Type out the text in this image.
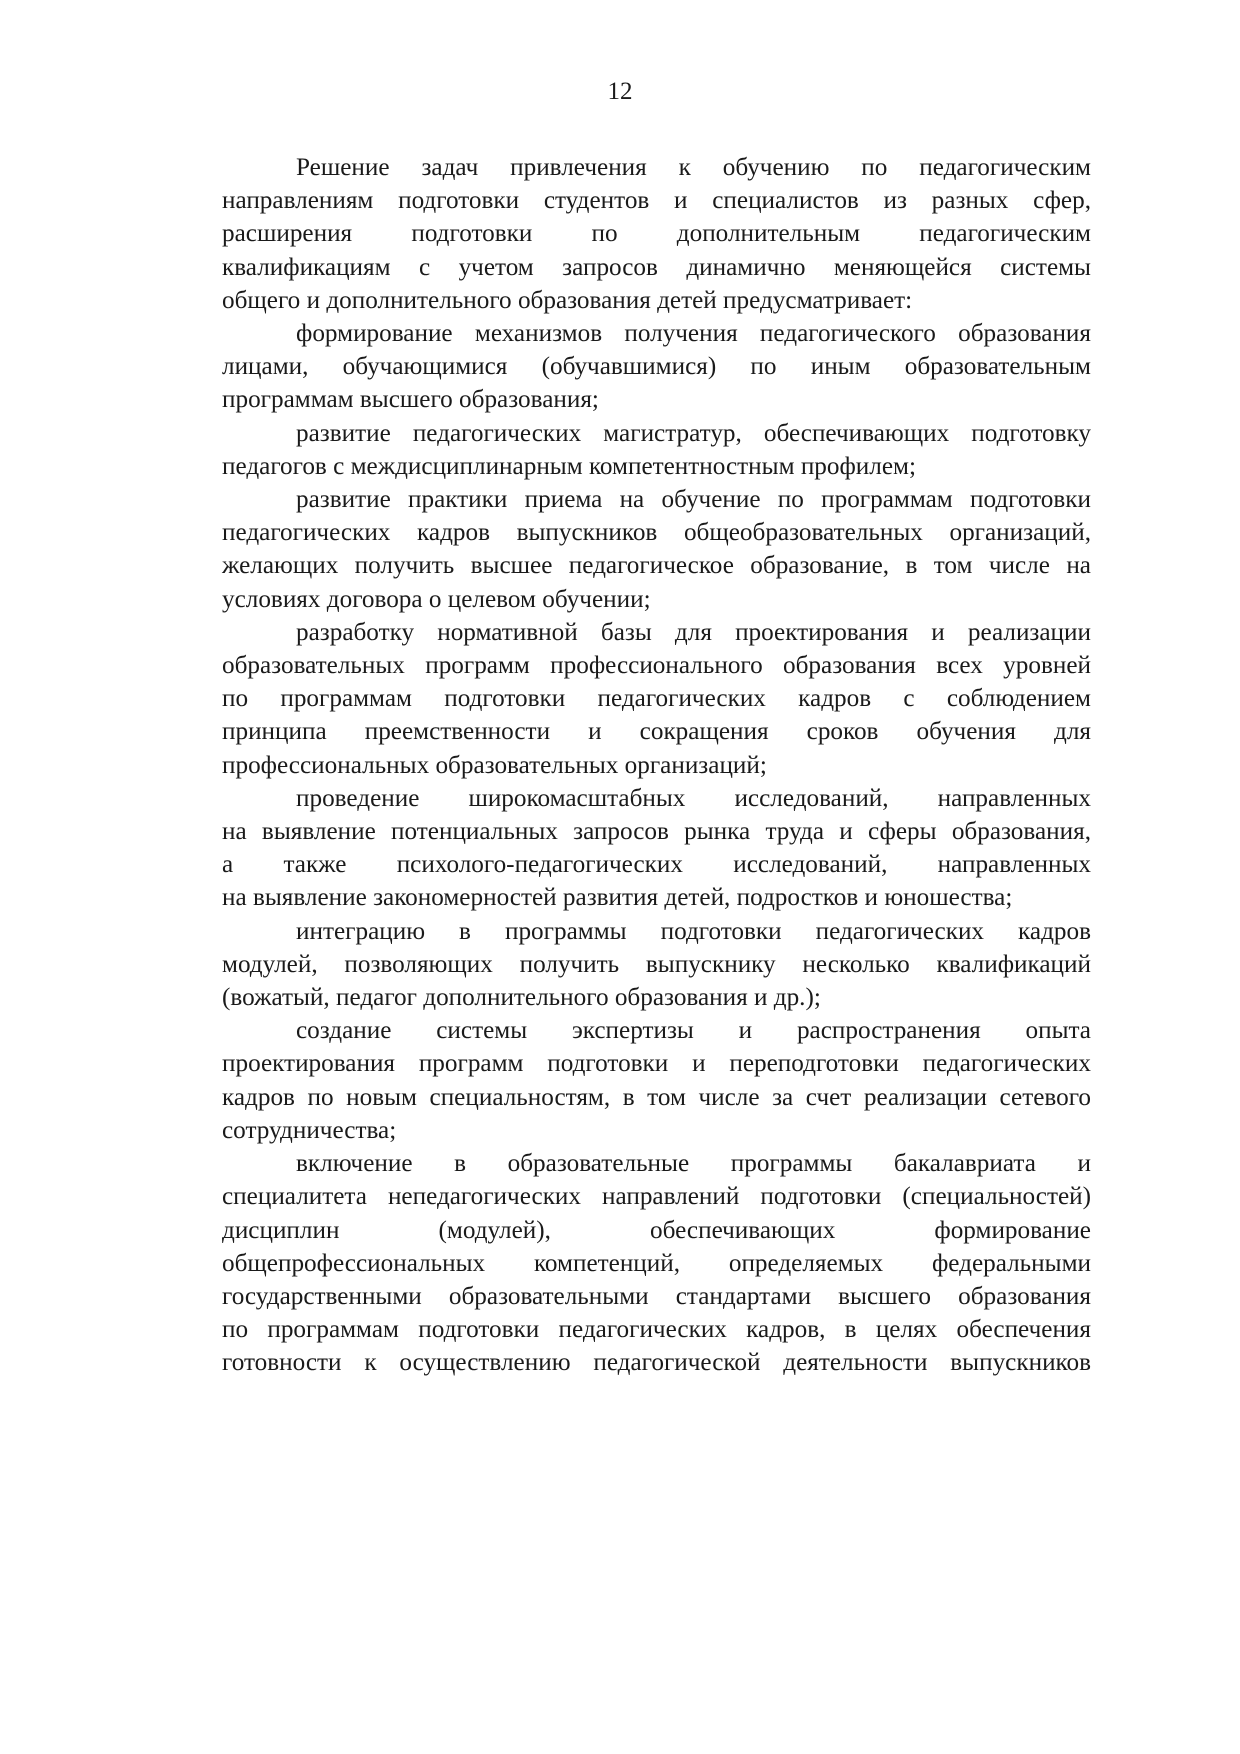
12
Решение задач привлечения к обучению по педагогическим
направлениям подготовки студентов и специалистов из разных сфер,
расширения подготовки по дополнительным педагогическим
квалификациям с учетом запросов динамично меняющейся системы
общего и дополнительного образования детей предусматривает:
формирование механизмов получения педагогического образования
лицами, обучающимися (обучавшимися) по иным образовательным
программам высшего образования;
развитие педагогических магистратур, обеспечивающих подготовку
педагогов с междисциплинарным компетентностным профилем;
развитие практики приема на обучение по программам подготовки
педагогических кадров выпускников общеобразовательных организаций,
желающих получить высшее педагогическое образование, в том числе на
условиях договора о целевом обучении;
разработку нормативной базы для проектирования и реализации
образовательных программ профессионального образования всех уровней
по программам подготовки педагогических кадров с соблюдением
принципа преемственности и сокращения сроков обучения для
профессиональных образовательных организаций;
проведение широкомасштабных исследований, направленных
на выявление потенциальных запросов рынка труда и сферы образования,
а также психолого-педагогических исследований, направленных
на выявление закономерностей развития детей, подростков и юношества;
интеграцию в программы подготовки педагогических кадров
модулей, позволяющих получить выпускнику несколько квалификаций
(вожатый, педагог дополнительного образования и др.);
создание системы экспертизы и распространения опыта
проектирования программ подготовки и переподготовки педагогических
кадров по новым специальностям, в том числе за счет реализации сетевого
сотрудничества;
включение в образовательные программы бакалавриата и
специалитета непедагогических направлений подготовки (специальностей)
дисциплин (модулей), обеспечивающих формирование
общепрофессиональных компетенций, определяемых федеральными
государственными образовательными стандартами высшего образования
по программам подготовки педагогических кадров, в целях обеспечения
готовности к осуществлению педагогической деятельности выпускников
